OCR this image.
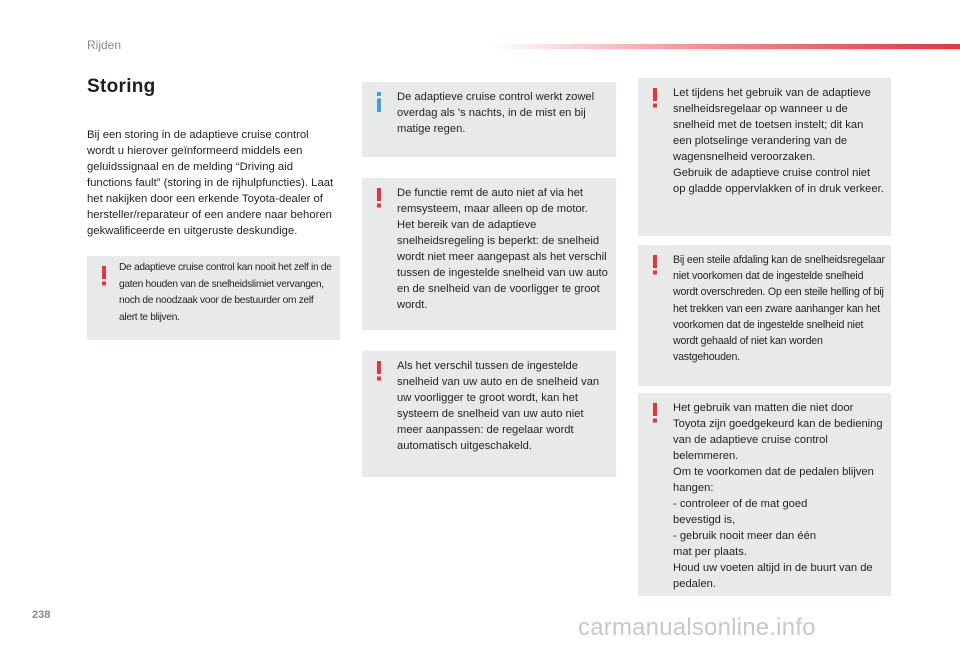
Rijden
Storing

Bij een storing in de adaptieve cruise control wordt u hierover geïnformeerd middels een geluidssignaal en de melding “Driving aid functions fault” (storing in de rijhulpfuncties). Laat het nakijken door een erkende Toyota-dealer of hersteller/reparateur of een andere naar behoren gekwalificeerde en uitgeruste deskundige.

De adaptieve cruise control kan nooit het zelf in de gaten houden van de snelheidslimiet vervangen, noch de noodzaak voor de bestuurder om zelf alert te blijven.
De adaptieve cruise control werkt zowel overdag als 's nachts, in de mist en bij matige regen.
De functie remt de auto niet af via het remsysteem, maar alleen op de motor.
Het bereik van de adaptieve snelheidsregeling is beperkt: de snelheid wordt niet meer aangepast als het verschil tussen de ingestelde snelheid van uw auto en de snelheid van de voorligger te groot wordt.
Als het verschil tussen de ingestelde snelheid van uw auto en de snelheid van uw voorligger te groot wordt, kan het systeem de snelheid van uw auto niet meer aanpassen: de regelaar wordt automatisch uitgeschakeld.
Let tijdens het gebruik van de adaptieve snelheidsregelaar op wanneer u de snelheid met de toetsen instelt; dit kan een plotselinge verandering van de wagensnelheid veroorzaken.
Gebruik de adaptieve cruise control niet op gladde oppervlakken of in druk verkeer.
Bij een steile afdaling kan de snelheidsregelaar niet voorkomen dat de ingestelde snelheid wordt overschreden. Op een steile helling of bij het trekken van een zware aanhanger kan het voorkomen dat de ingestelde snelheid niet wordt gehaald of niet kan worden vastgehouden.
Het gebruik van matten die niet door Toyota zijn goedgekeurd kan de bediening van de adaptieve cruise control belemmeren.
Om te voorkomen dat de pedalen blijven hangen:
- controleer of de mat goed
bevestigd is,
- gebruik nooit meer dan één
mat per plaats.
Houd uw voeten altijd in de buurt van de pedalen.
238	carmanualsonline.info
